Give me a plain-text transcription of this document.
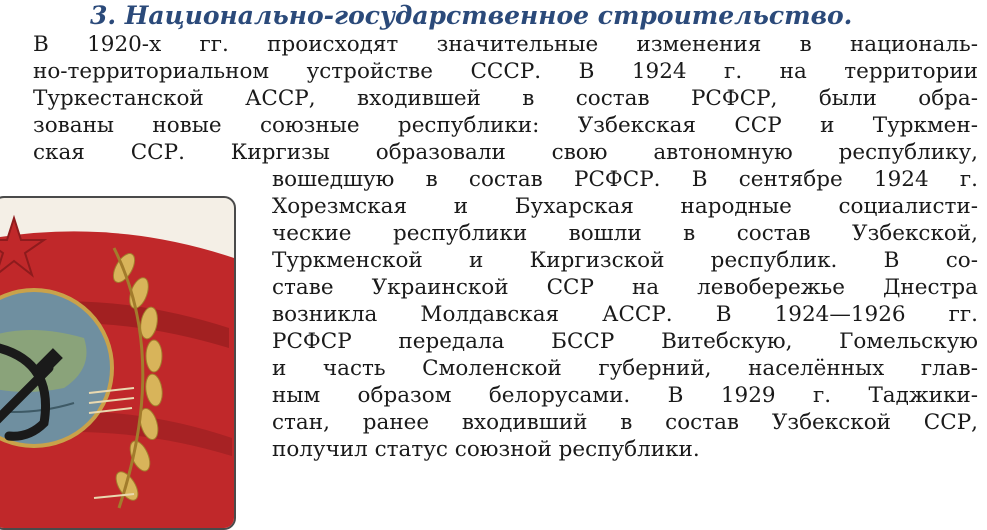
3. Национально-государственное строительство.

В 1920-х гг. происходят значительные изменения в националь-

но-территориальном устройстве СССР. В 1924 г. на территории

Туркестанской АССР, входившей в состав РСФСР, были обра-

зованы новые союзные республики: Узбекская ССР и Туркмен-

ская ССР. Киргизы образовали свою автономную республику,

вошедшую в состав РСФСР. В сентябре 1924 г.

Хорезмская и Бухарская народные социалисти-

ческие республики вошли в состав Узбекской,

Туркменской и Киргизской республик. В со-

ставе Украинской ССР на левобережье Днестра

возникла Молдавская АССР. В 1924—1926 гг.

РСФСР передала БССР Витебскую, Гомельскую

и часть Смоленской губерний, населённых глав-

ным образом белорусами. В 1929 г. Таджики-

стан, ранее входивший в состав Узбекской ССР,

получил статус союзной республики.
